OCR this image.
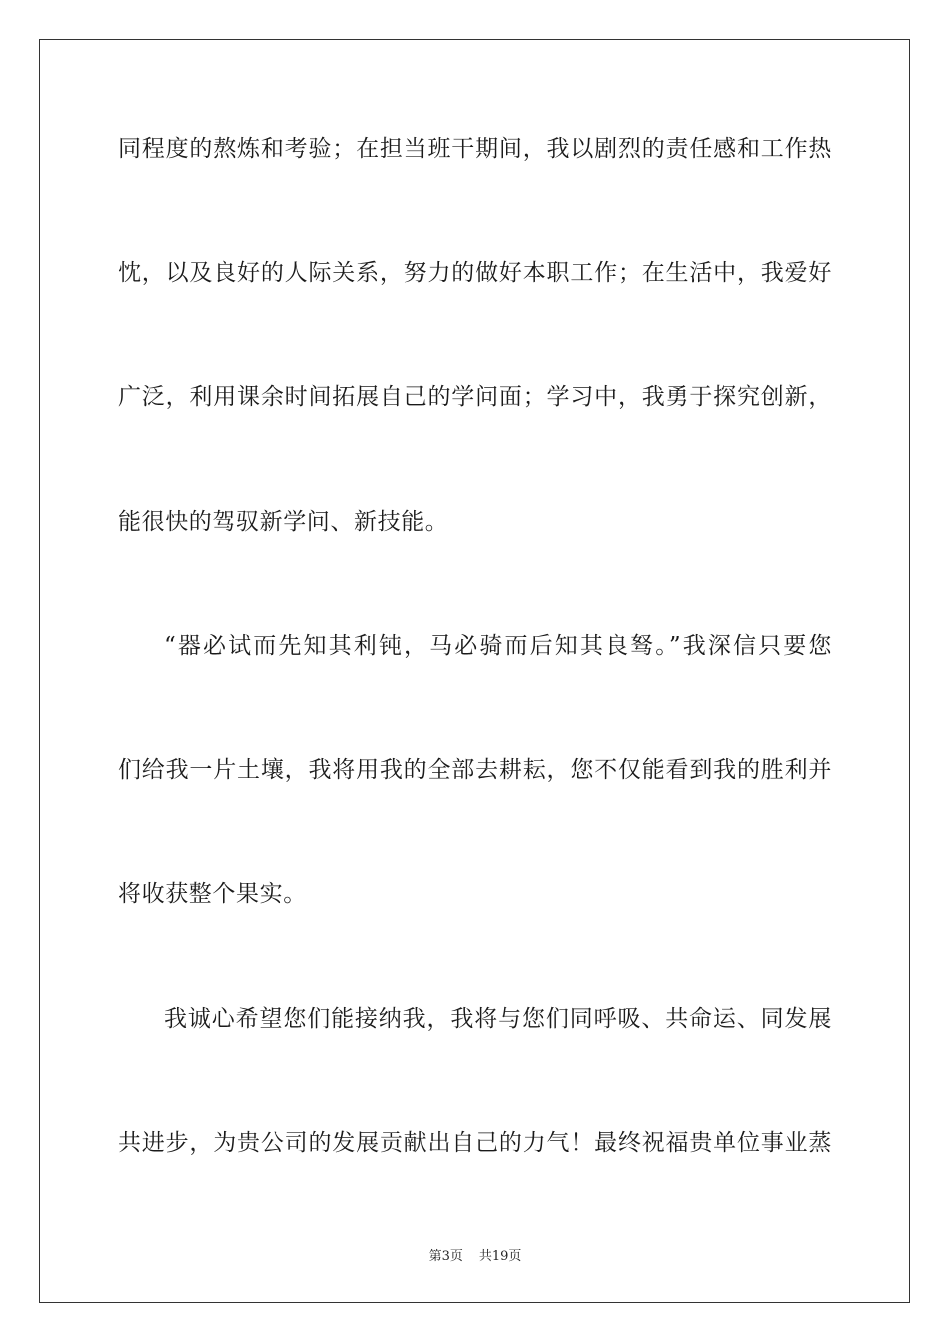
同程度的熬炼和考验；在担当班干期间，我以剧烈的责任感和工作热
忱，以及良好的人际关系，努力的做好本职工作；在生活中，我爱好
广泛，利用课余时间拓展自己的学问面；学习中，我勇于探究创新，
能很快的驾驭新学问、新技能。
“器必试而先知其利钝，马必骑而后知其良驽。”我深信只要您
们给我一片土壤，我将用我的全部去耕耘，您不仅能看到我的胜利并
将收获整个果实。
我诚心希望您们能接纳我，我将与您们同呼吸、共命运、同发展
共进步，为贵公司的发展贡献出自己的力气！最终祝福贵单位事业蒸
第3页 共19页
